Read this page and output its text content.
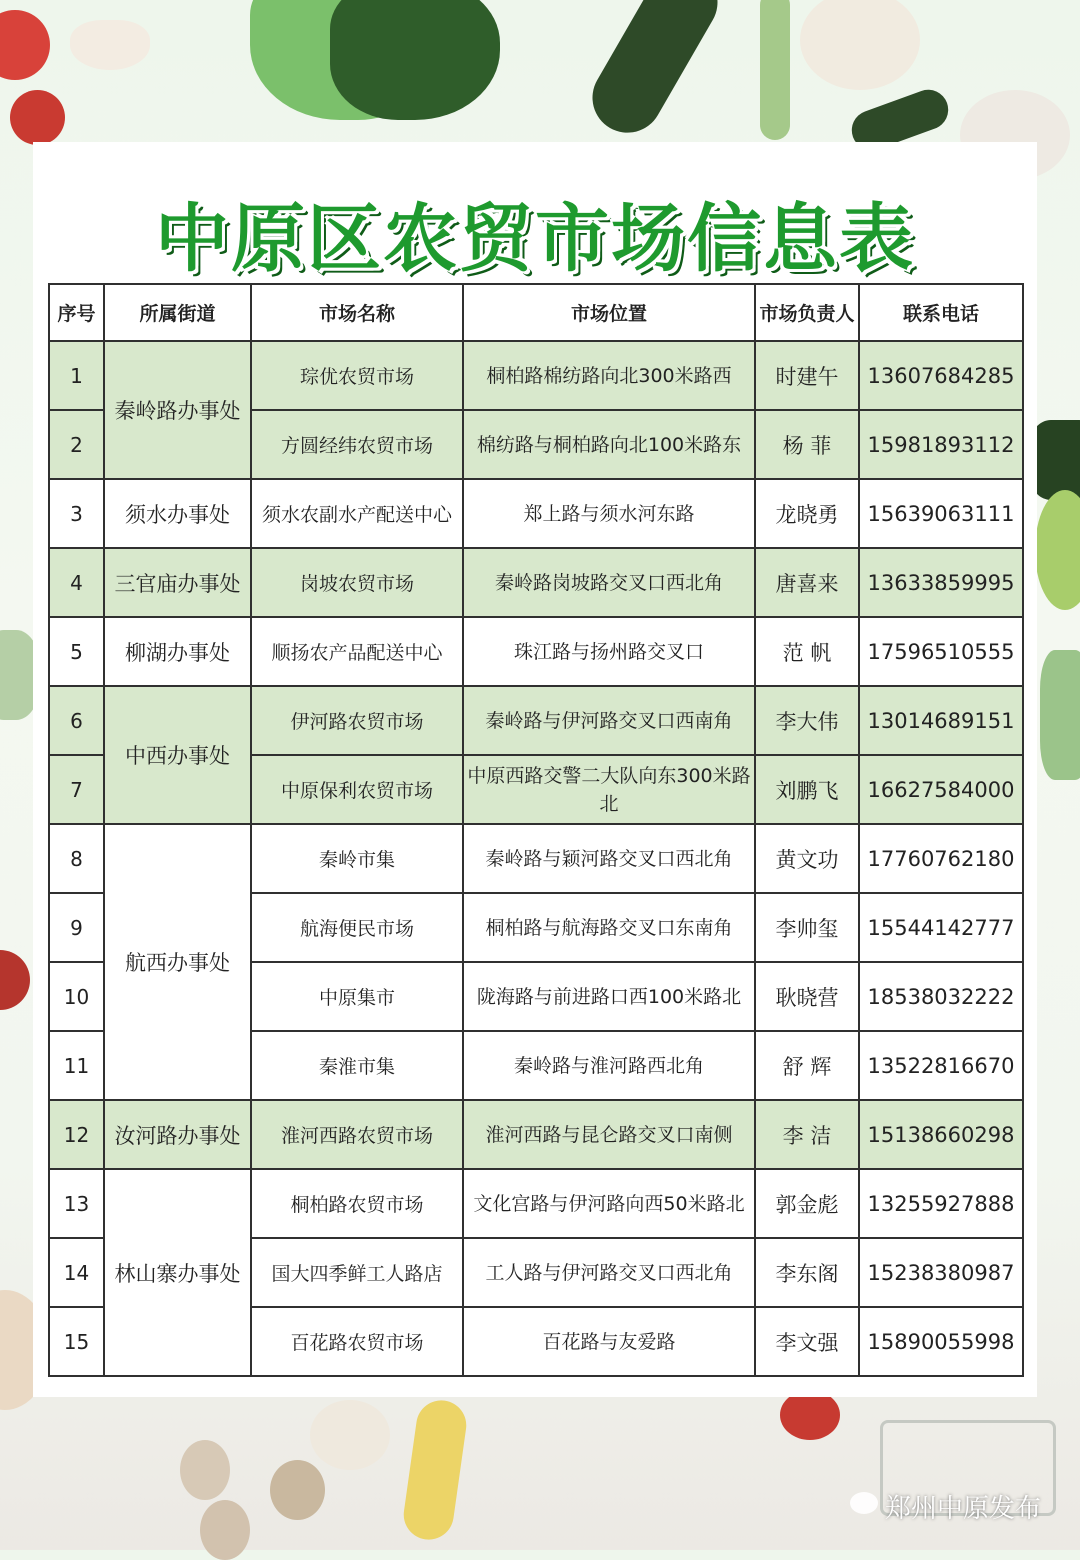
中原区农贸市场信息表
序号	所属街道	市场名称	市场位置	市场负责人	联系电话
1	秦岭路办事处	琮优农贸市场	桐柏路棉纺路向北300米路西	时建午	13607684285
2		方圆经纬农贸市场	棉纺路与桐柏路向北100米路东	杨 菲	15981893112
3	须水办事处	须水农副水产配送中心	郑上路与须水河东路	龙晓勇	15639063111
4	三官庙办事处	岗坡农贸市场	秦岭路岗坡路交叉口西北角	唐喜来	13633859995
5	柳湖办事处	顺扬农产品配送中心	珠江路与扬州路交叉口	范 帆	17596510555
6	中西办事处	伊河路农贸市场	秦岭路与伊河路交叉口西南角	李大伟	13014689151
7		中原保利农贸市场	中原西路交警二大队向东300米路北	刘鹏飞	16627584000
8	航西办事处	秦岭市集	秦岭路与颖河路交叉口西北角	黄文功	17760762180
9		航海便民市场	桐柏路与航海路交叉口东南角	李帅玺	15544142777
10		中原集市	陇海路与前进路口西100米路北	耿晓营	18538032222
11		秦淮市集	秦岭路与淮河路西北角	舒 辉	13522816670
12	汝河路办事处	淮河西路农贸市场	淮河西路与昆仑路交叉口南侧	李 洁	15138660298
13	林山寨办事处	桐柏路农贸市场	文化宫路与伊河路向西50米路北	郭金彪	13255927888
14		国大四季鲜工人路店	工人路与伊河路交叉口西北角	李东阁	15238380987
15		百花路农贸市场	百花路与友爱路	李文强	15890055998
郑州中原发布
